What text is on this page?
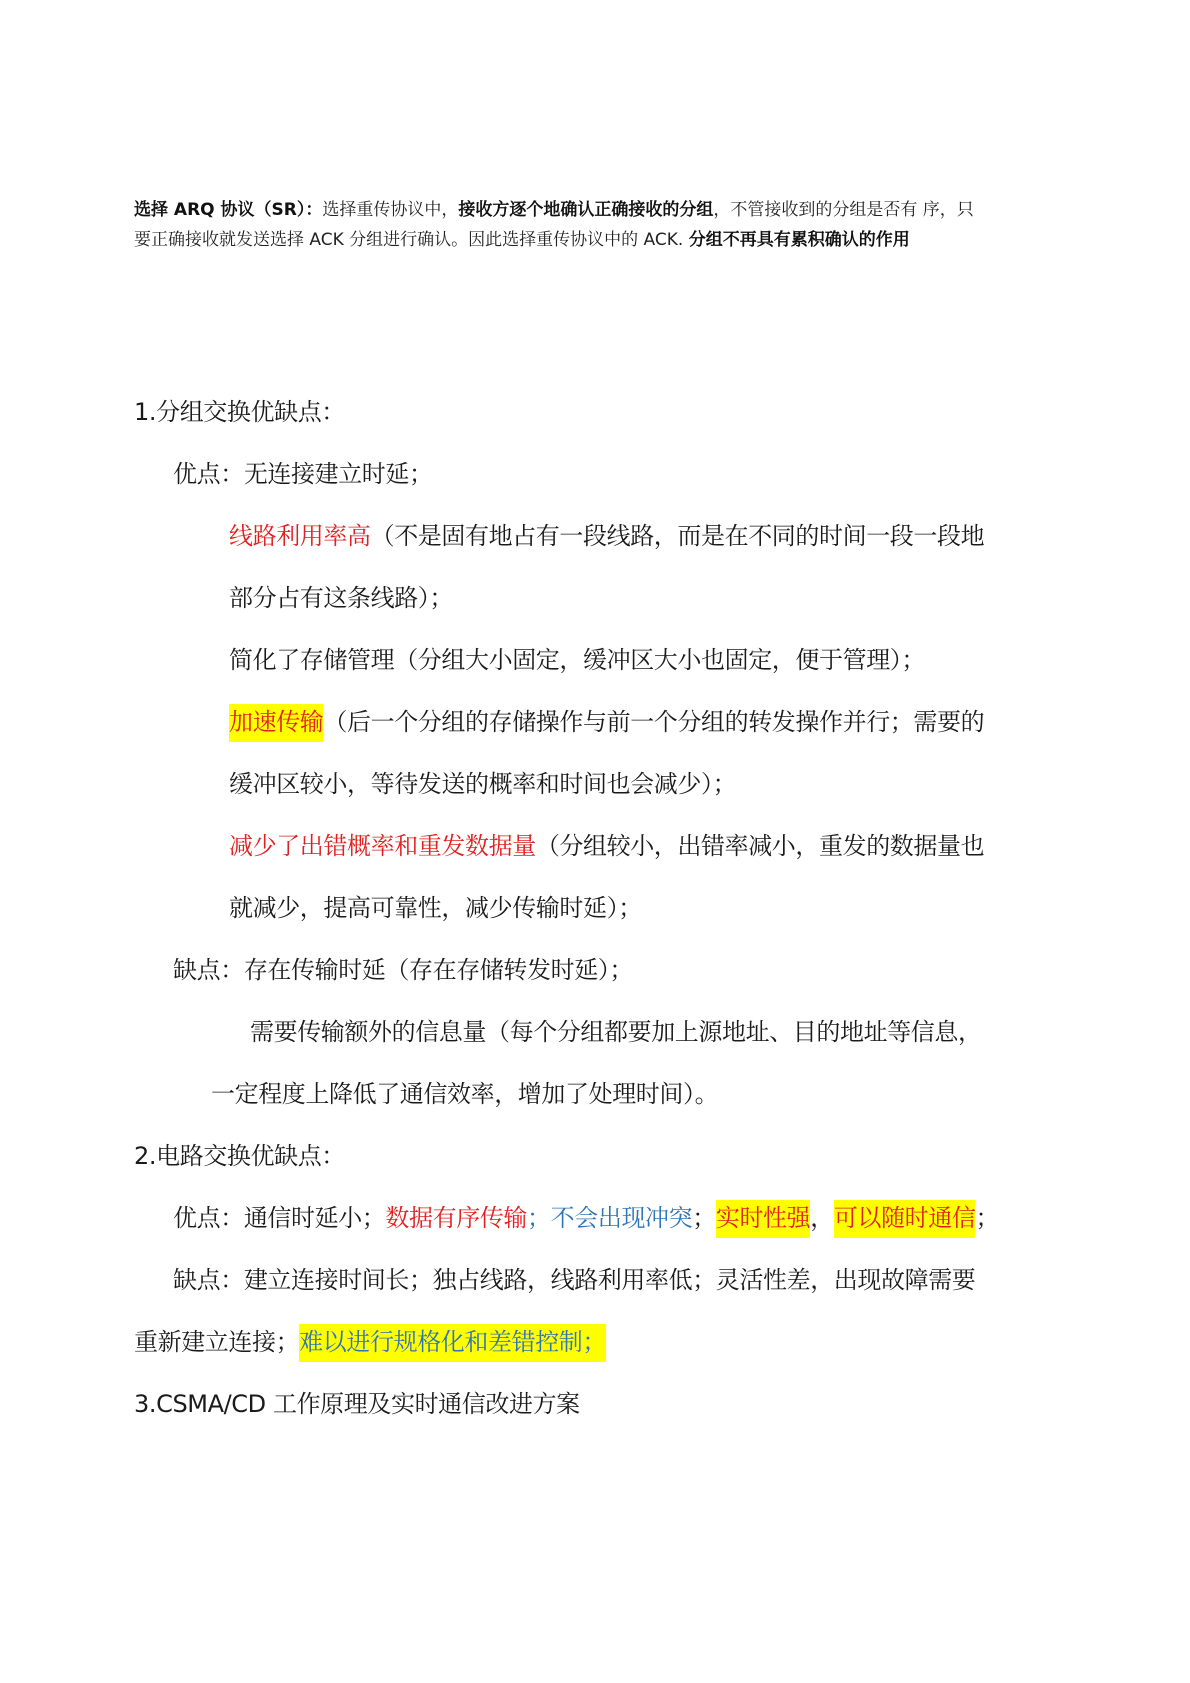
选择 ARQ 协议（SR）：选择重传协议中，接收方逐个地确认正确接收的分组，不管接收到的分组是否有 序，只
要正确接收就发送选择 ACK 分组进行确认。因此选择重传协议中的 ACK. 分组不再具有累积确认的作用
1.分组交换优缺点：
优点：无连接建立时延；
线路利用率高（不是固有地占有一段线路，而是在不同的时间一段一段地
部分占有这条线路）；
简化了存储管理（分组大小固定，缓冲区大小也固定，便于管理）；
加速传输（后一个分组的存储操作与前一个分组的转发操作并行；需要的
缓冲区较小，等待发送的概率和时间也会减少）；
减少了出错概率和重发数据量（分组较小，出错率减小，重发的数据量也
就减少，提高可靠性，减少传输时延）；
缺点：存在传输时延（存在存储转发时延）；
需要传输额外的信息量（每个分组都要加上源地址、目的地址等信息，
一定程度上降低了通信效率，增加了处理时间）。
2.电路交换优缺点：
优点：通信时延小；数据有序传输；不会出现冲突；实时性强，可以随时通信；
缺点：建立连接时间长；独占线路，线路利用率低；灵活性差，出现故障需要
重新建立连接；难以进行规格化和差错控制；
3.CSMA/CD 工作原理及实时通信改进方案
